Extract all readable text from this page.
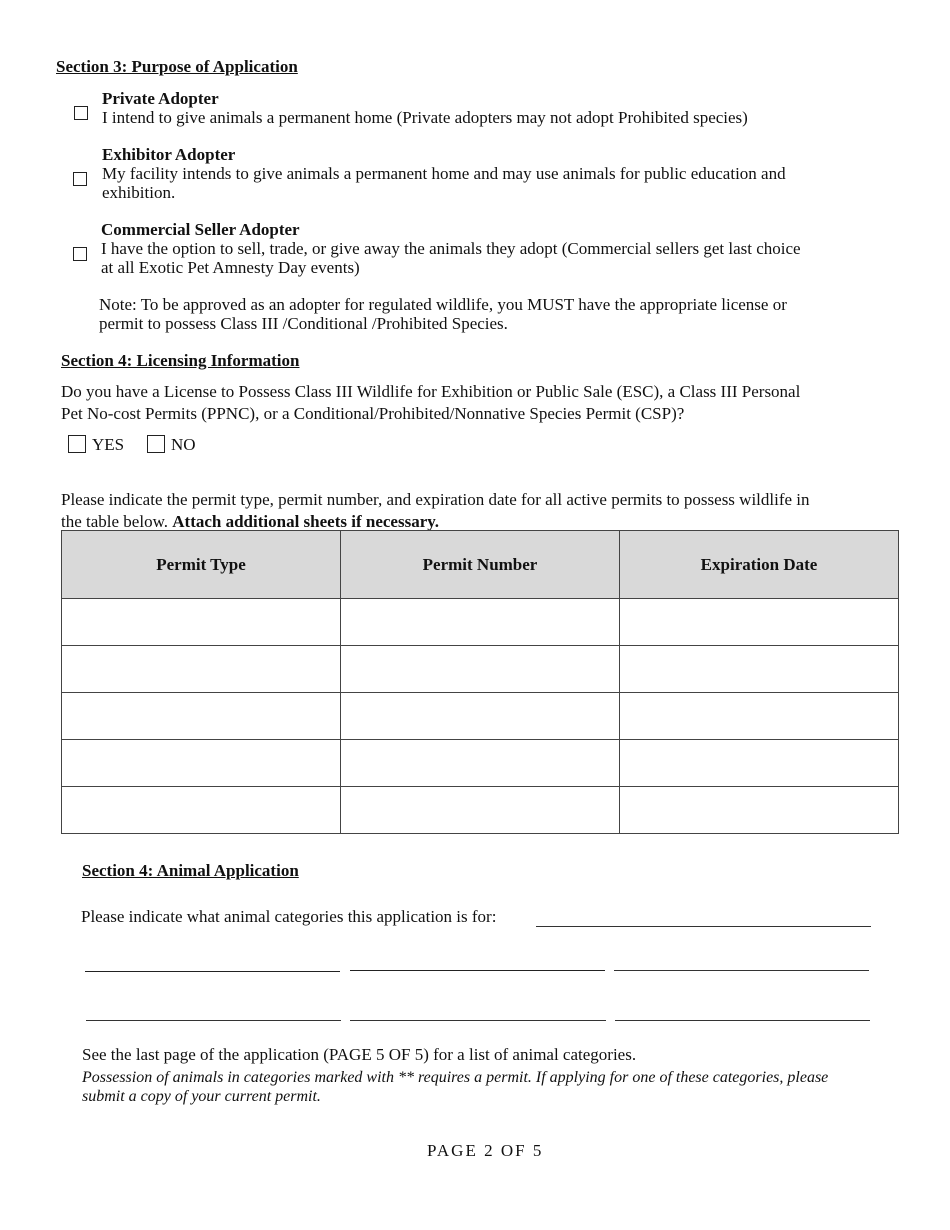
Section 3: Purpose of Application
Private Adopter
I intend to give animals a permanent home (Private adopters may not adopt Prohibited species)
Exhibitor Adopter
My facility intends to give animals a permanent home and may use animals for public education and
exhibition.
Commercial Seller Adopter
I have the option to sell, trade, or give away the animals they adopt (Commercial sellers get last choice
at all Exotic Pet Amnesty Day events)
Note: To be approved as an adopter for regulated wildlife, you MUST have the appropriate license or
permit to possess Class III /Conditional /Prohibited Species.
Section 4: Licensing Information
Do you have a License to Possess Class III Wildlife for Exhibition or Public Sale (ESC), a Class III Personal
Pet No-cost Permits (PPNC), or a Conditional/Prohibited/Nonnative Species Permit (CSP)?
YES	NO
Please indicate the permit type, permit number, and expiration date for all active permits to possess wildlife in
the table below. Attach additional sheets if necessary.
Permit Type	Permit Number	Expiration Date

Section 4: Animal Application
Please indicate what animal categories this application is for:
See the last page of the application (PAGE 5 OF 5) for a list of animal categories.
Possession of animals in categories marked with ** requires a permit. If applying for one of these categories, please
submit a copy of your current permit.
PAGE 2 OF 5
